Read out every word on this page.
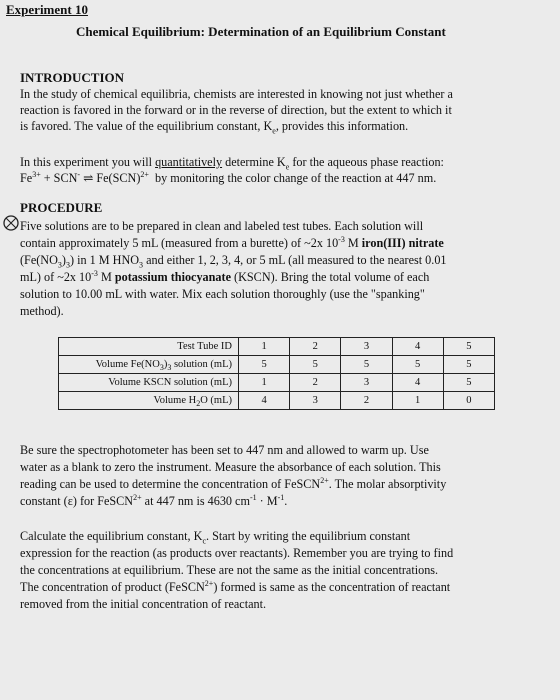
Experiment 10
Chemical Equilibrium: Determination of an Equilibrium Constant
INTRODUCTION
In the study of chemical equilibria, chemists are interested in knowing not just whether a
reaction is favored in the forward or in the reverse of direction, but the extent to which it
is favored. The value of the equilibrium constant, $K_e$, provides this information.
In this experiment you will quantitatively determine $K_e$ for the aqueous phase reaction:
$Fe^{3+} + SCN^-$ ⇌ Fe(SCN)$^{2+}$ by monitoring the color change of the reaction at 447 nm.
PROCEDURE
Five solutions are to be prepared in clean and labeled test tubes. Each solution will
contain approximately 5 mL (measured from a burette) of ~2x $10^{-3}$ M iron(III) nitrate
$(Fe(NO_3)_3)$ in 1 M $HNO_3$ and either 1, 2, 3, 4, or 5 mL (all measured to the nearest 0.01
mL) of ~2x $10^{-3}$ M potassium thiocyanate (KSCN). Bring the total volume of each
solution to 10.00 mL with water. Mix each solution thoroughly (use the "spanking"
method).
Test Tube ID	1	2	3	4	5
Volume $Fe(NO_3)_3$ solution (mL)	5	5	5	5	5
Volume KSCN solution (mL)	1	2	3	4	5
Volume $H_2O$ (mL)	4	3	2	1	0
Be sure the spectrophotometer has been set to 447 nm and allowed to warm up. Use
water as a blank to zero the instrument. Measure the absorbance of each solution. This
reading can be used to determine the concentration of FeSCN$^{2+}$. The molar absorptivity
constant (ε) for FeSCN$^{2+}$ at 447 nm is 4630 $cm^{-1} \cdot M^{-1}$.
Calculate the equilibrium constant, $K_c$. Start by writing the equilibrium constant
expression for the reaction (as products over reactants). Remember you are trying to find
the concentrations at equilibrium. These are not the same as the initial concentrations.
The concentration of product (FeSCN$^{2+}$) formed is same as the concentration of reactant
removed from the initial concentration of reactant.
